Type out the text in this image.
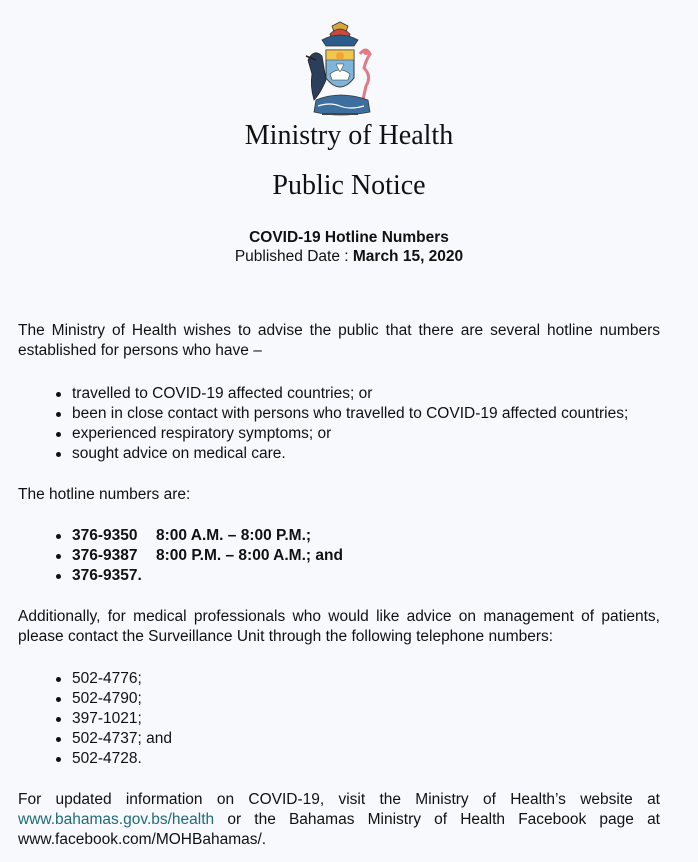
Ministry of Health
Public Notice
COVID-19 Hotline Numbers
Published Date : March 15, 2020
The Ministry of Health wishes to advise the public that there are several hotline numbers established for persons who have –
travelled to COVID-19 affected countries; or
been in close contact with persons who travelled to COVID-19 affected countries;
experienced respiratory symptoms; or
sought advice on medical care.
The hotline numbers are:
376-9350 8:00 A.M. – 8:00 P.M.;
376-9387 8:00 P.M. – 8:00 A.M.; and
376-9357.
Additionally, for medical professionals who would like advice on management of patients, please contact the Surveillance Unit through the following telephone numbers:
502-4776;
502-4790;
397-1021;
502-4737; and
502-4728.
For updated information on COVID-19, visit the Ministry of Health’s website at www.bahamas.gov.bs/health or the Bahamas Ministry of Health Facebook page at www.facebook.com/MOHBahamas/.
